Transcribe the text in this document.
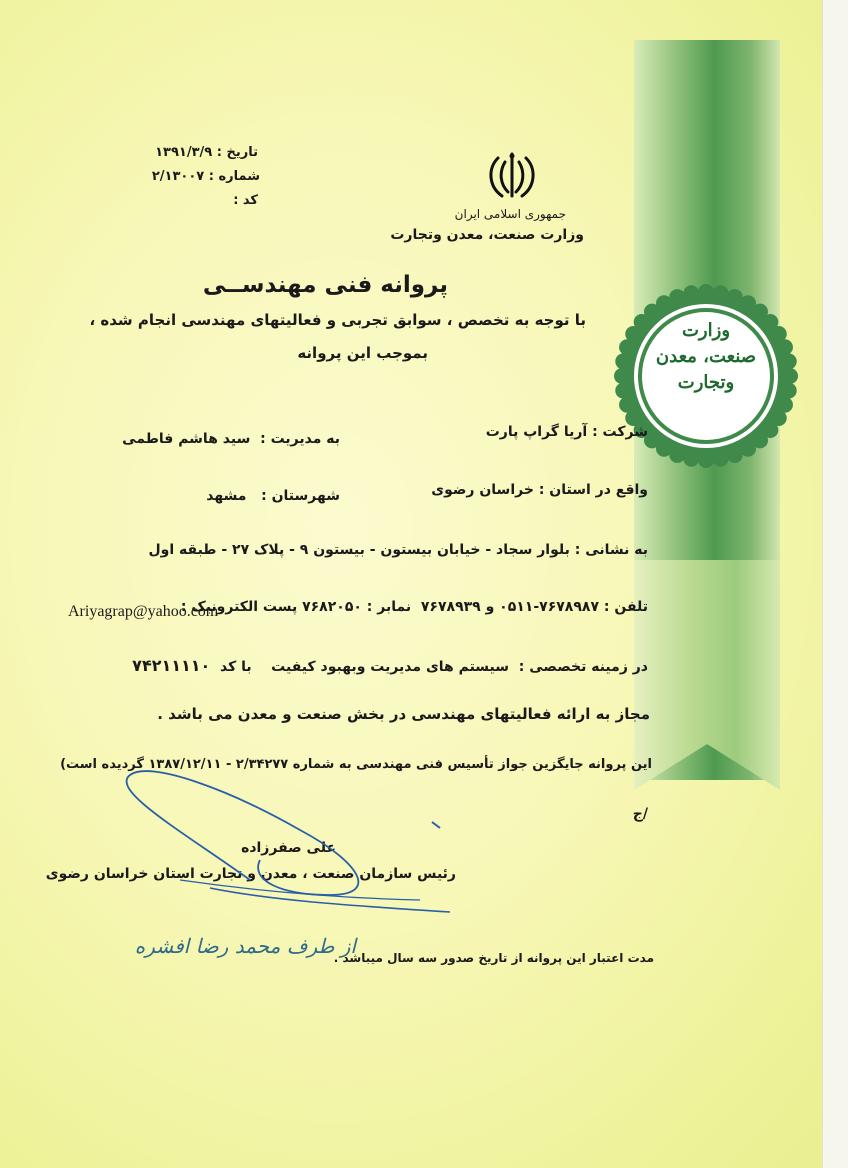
وزارت
صنعت، معدن
وتجارت
تاریخ : ۱۳۹۱/۳/۹
شماره : ۲/۱۳۰۰۷
کد :
جمهوری اسلامی ایران
وزارت صنعت، معدن وتجارت
پروانه فنی مهندســی
با توجه به تخصص ، سوابق تجربی و فعالیتهای مهندسی انجام شده ،
بموجب این پروانه
شرکت : آریا گراپ پارت
به مدیریت :  سید هاشم فاطمی
واقع در استان : خراسان رضوی
شهرستان :   مشهد
به نشانی : بلوار سجاد - خیابان بیستون - بیستون ۹ - پلاک ۲۷ - طبقه اول
تلفن : ۷۶۷۸۹۸۷-۰۵۱۱ و ۷۶۷۸۹۳۹  نمابر : ۷۶۸۲۰۵۰ پست الکترونیک :
Ariyagrap@yahoo.com
در زمینه تخصصی :  سیستم های مدیریت وبهبود کیفیت    با کد  ۷۴۲۱۱۱۱۰
مجاز به ارائه فعالیتهای مهندسی در بخش صنعت و معدن می باشد .
این پروانه جایگزین جواز تأسیس فنی مهندسی به شماره ۲/۳۴۲۷۷ - ۱۳۸۷/۱۲/۱۱ گردیده است)
/ج
علی صفرزاده
رئیس سازمان صنعت ، معدن و تجارت استان خراسان رضوی
از طرف محمد رضا افشره
مدت اعتبار این پروانه از تاریخ صدور سه سال میباشد .
